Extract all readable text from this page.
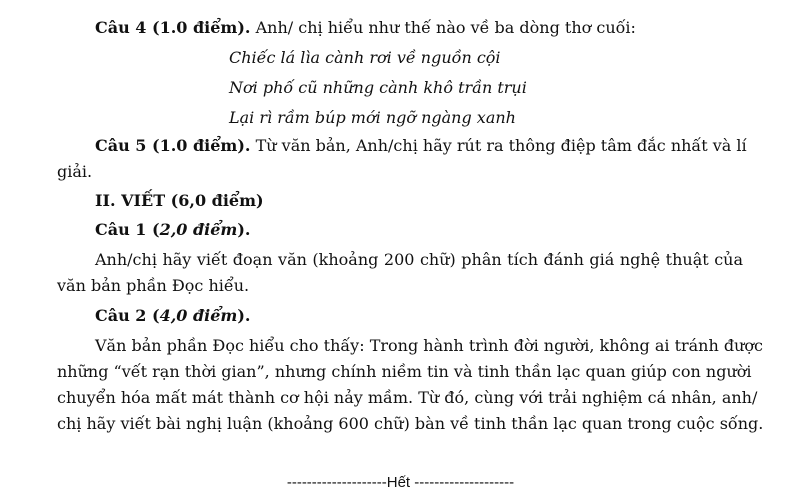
Câu 4 (1.0 điểm). Anh/ chị hiểu như thế nào về ba dòng thơ cuối:
Chiếc lá lìa cành rơi về nguồn cội
Nơi phố cũ những cành khô trần trụi
Lại rì rầm búp mới ngỡ ngàng xanh
Câu 5 (1.0 điểm). Từ văn bản, Anh/chị hãy rút ra thông điệp tâm đắc nhất và lí
giải.
II. VIẾT (6,0 điểm)
Câu 1 (2,0 điểm).
Anh/chị hãy viết đoạn văn (khoảng 200 chữ) phân tích đánh giá nghệ thuật của
văn bản phần Đọc hiểu.
Câu 2 (4,0 điểm).
Văn bản phần Đọc hiểu cho thấy: Trong hành trình đời người, không ai tránh được
những “vết rạn thời gian”, nhưng chính niềm tin và tinh thần lạc quan giúp con người
chuyển hóa mất mát thành cơ hội nảy mầm. Từ đó, cùng với trải nghiệm cá nhân, anh/
chị hãy viết bài nghị luận (khoảng 600 chữ) bàn về tinh thần lạc quan trong cuộc sống.
--------------------Hết --------------------
